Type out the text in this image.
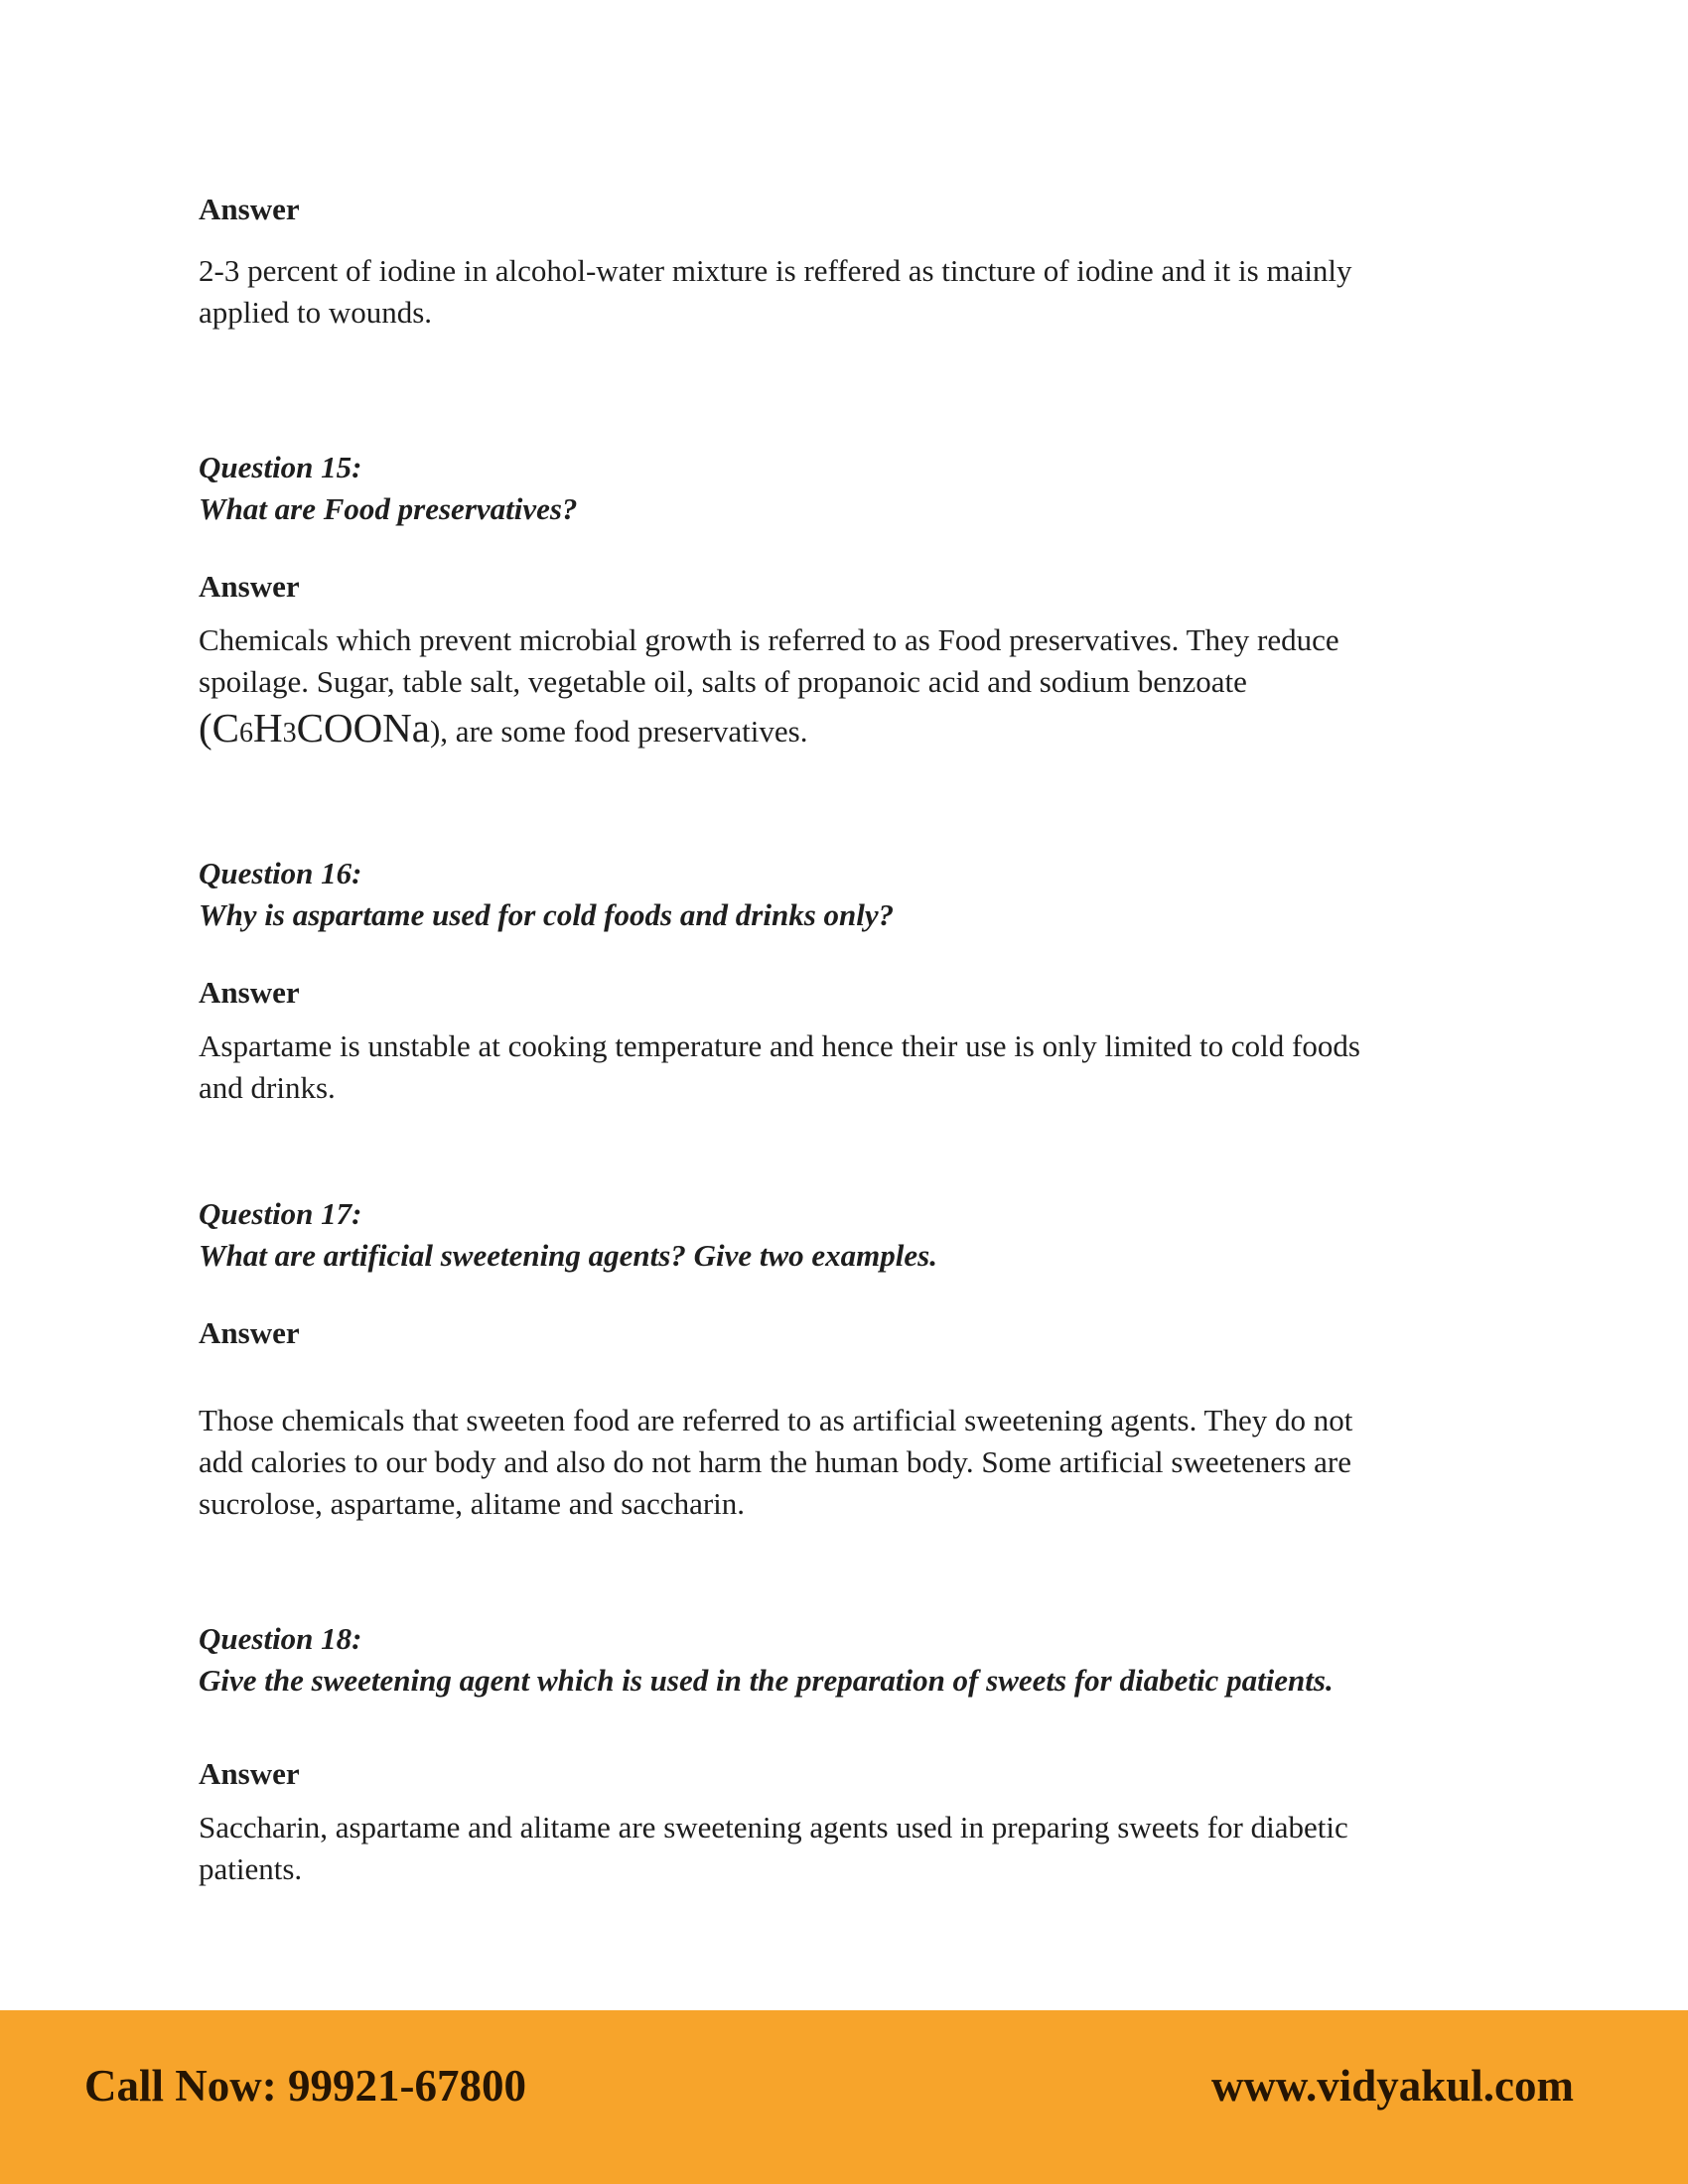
Answer

2-3 percent of iodine in alcohol-water mixture is reffered as tincture of iodine and it is mainly
applied to wounds.

Question 15:
What are Food preservatives?
Answer

Chemicals which prevent microbial growth is referred to as Food preservatives. They reduce
spoilage. Sugar, table salt, vegetable oil, salts of propanoic acid and sodium benzoate
(C6H3COONa), are some food preservatives.

Question 16:
Why is aspartame used for cold foods and drinks only?
Answer

Aspartame is unstable at cooking temperature and hence their use is only limited to cold foods
and drinks.

Question 17:
What are artificial sweetening agents? Give two examples.
Answer

Those chemicals that sweeten food are referred to as artificial sweetening agents. They do not
add calories to our body and also do not harm the human body. Some artificial sweeteners are
sucrolose, aspartame, alitame and saccharin.

Question 18:
Give the sweetening agent which is used in the preparation of sweets for diabetic patients.
Answer

Saccharin, aspartame and alitame are sweetening agents used in preparing sweets for diabetic
patients.

Call Now: 99921-67800	www.vidyakul.com
